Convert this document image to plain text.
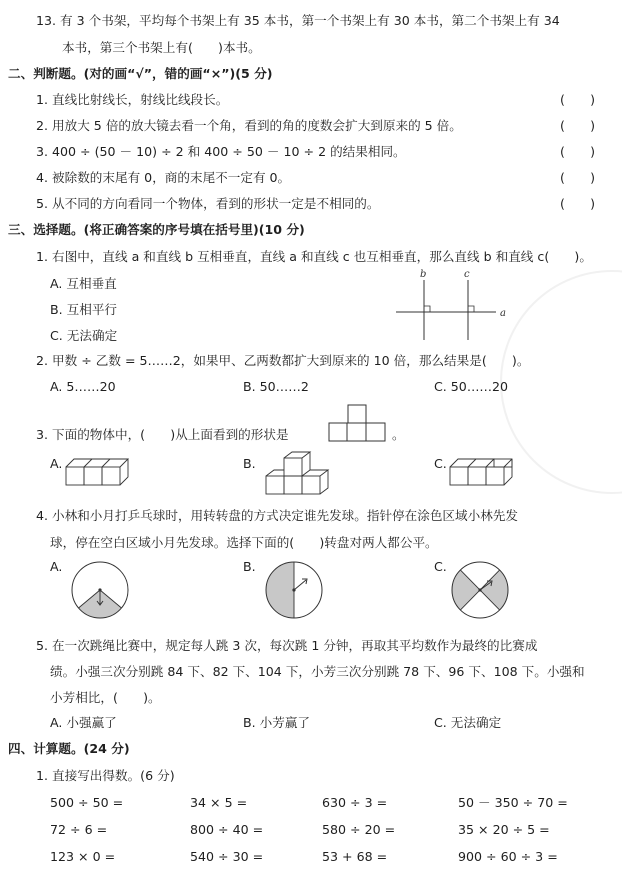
13. 有 3 个书架，平均每个书架上有 35 本书，第一个书架上有 30 本书，第二个书架上有 34
本书，第三个书架上有(　　)本书。
二、判断题。(对的画“√”，错的画“×”)(5 分)
1. 直线比射线长，射线比线段长。	(　　)
2. 用放大 5 倍的放大镜去看一个角，看到的角的度数会扩大到原来的 5 倍。	(　　)
3. 400 ÷ (50 － 10) ÷ 2 和 400 ÷ 50 － 10 ÷ 2 的结果相同。	(　　)
4. 被除数的末尾有 0，商的末尾不一定有 0。	(　　)
5. 从不同的方向看同一个物体，看到的形状一定是不相同的。	(　　)
三、选择题。(将正确答案的序号填在括号里)(10 分)
1. 右图中，直线 a 和直线 b 互相垂直，直线 a 和直线 c 也互相垂直，那么直线 b 和直线 c(　　)。
A. 互相垂直
B. 互相平行
C. 无法确定
b	c
a
2. 甲数 ÷ 乙数 = 5……2，如果甲、乙两数都扩大到原来的 10 倍，那么结果是(　　)。
A. 5……20	B. 50……2	C. 50……20
3. 下面的物体中，(　　)从上面看到的形状是	。
A.	B.	C.
4. 小林和小月打乒乓球时，用转转盘的方式决定谁先发球。指针停在涂色区域小林先发
球，停在空白区域小月先发球。选择下面的(　　)转盘对两人都公平。
A.	B.	C.
5. 在一次跳绳比赛中，规定每人跳 3 次，每次跳 1 分钟，再取其平均数作为最终的比赛成
绩。小强三次分别跳 84 下、82 下、104 下，小芳三次分别跳 78 下、96 下、108 下。小强和
小芳相比，(　　)。
A. 小强赢了	B. 小芳赢了	C. 无法确定
四、计算题。(24 分)
1. 直接写出得数。(6 分)
500 ÷ 50 =	34 × 5 =	630 ÷ 3 =	50 － 350 ÷ 70 =
72 ÷ 6 =	800 ÷ 40 =	580 ÷ 20 =	35 × 20 ÷ 5 =
123 × 0 =	540 ÷ 30 =	53 + 68 =	900 ÷ 60 ÷ 3 =
